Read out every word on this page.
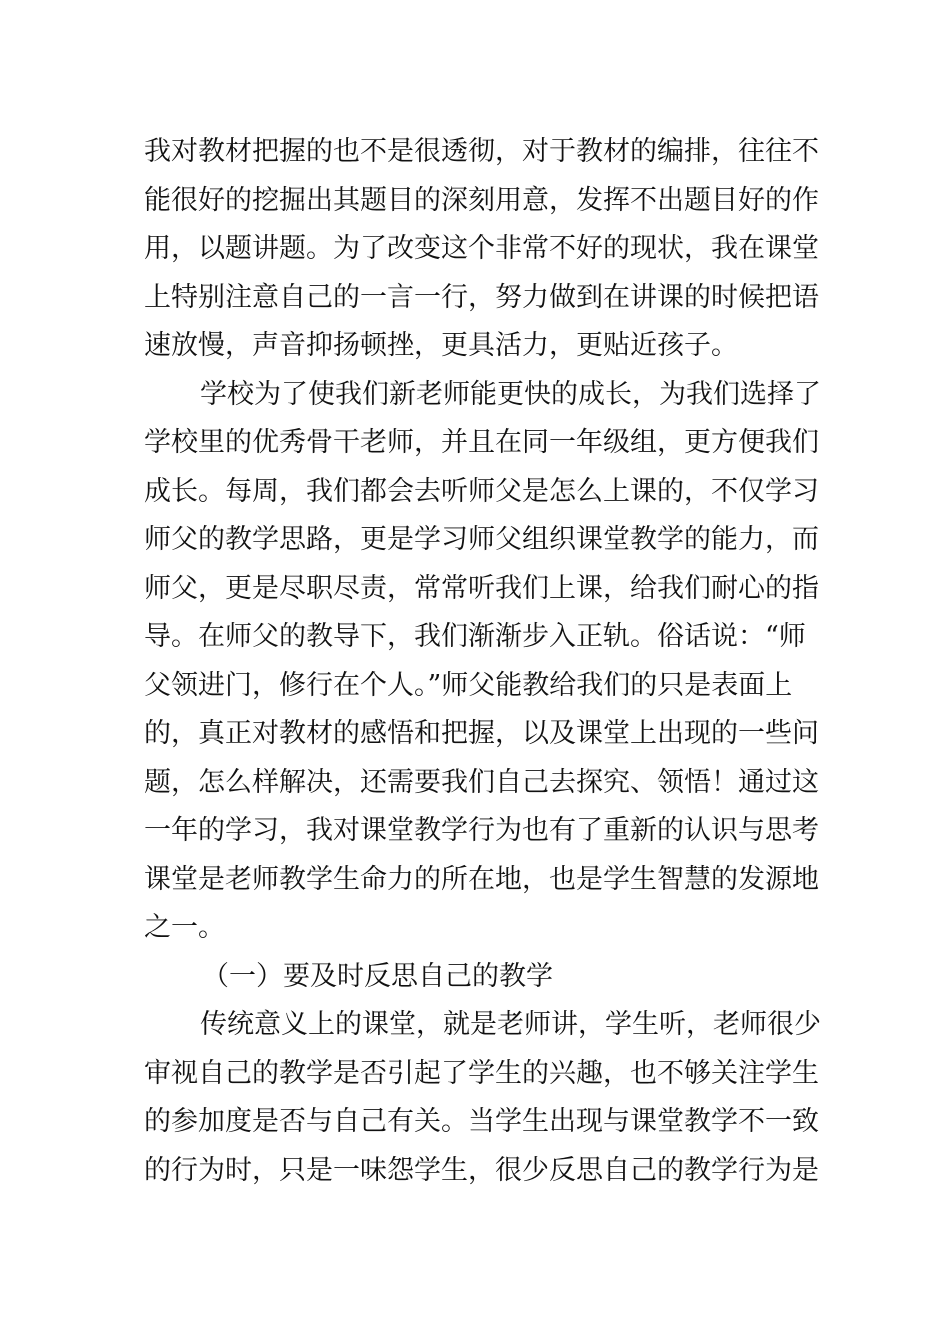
我对教材把握的也不是很透彻，对于教材的编排，往往不
能很好的挖掘出其题目的深刻用意，发挥不出题目好的作
用，以题讲题。为了改变这个非常不好的现状，我在课堂
上特别注意自己的一言一行，努力做到在讲课的时候把语
速放慢，声音抑扬顿挫，更具活力，更贴近孩子。
学校为了使我们新老师能更快的成长，为我们选择了
学校里的优秀骨干老师，并且在同一年级组，更方便我们
成长。每周，我们都会去听师父是怎么上课的，不仅学习
师父的教学思路，更是学习师父组织课堂教学的能力，而
师父，更是尽职尽责，常常听我们上课，给我们耐心的指
导。在师父的教导下，我们渐渐步入正轨。俗话说：“师
父领进门，修行在个人。”师父能教给我们的只是表面上
的，真正对教材的感悟和把握，以及课堂上出现的一些问
题，怎么样解决，还需要我们自己去探究、领悟！通过这
一年的学习，我对课堂教学行为也有了重新的认识与思考
课堂是老师教学生命力的所在地，也是学生智慧的发源地
之一。
（一）要及时反思自己的教学
传统意义上的课堂，就是老师讲，学生听，老师很少
审视自己的教学是否引起了学生的兴趣，也不够关注学生
的参加度是否与自己有关。当学生出现与课堂教学不一致
的行为时，只是一味怨学生，很少反思自己的教学行为是
